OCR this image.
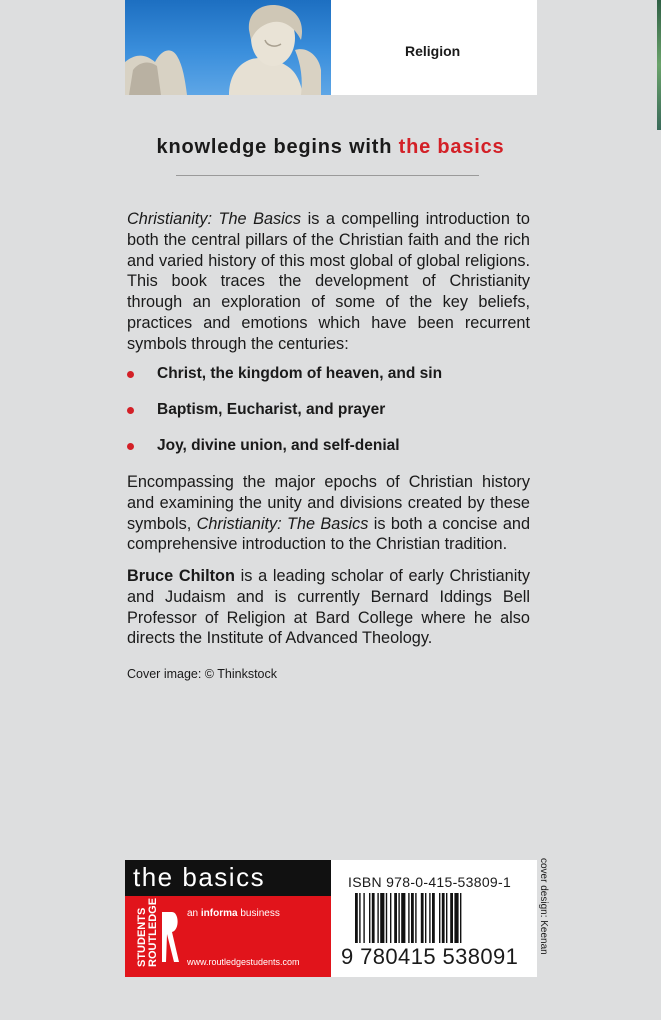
Religion
knowledge begins with the basics
Christianity: The Basics is a compelling introduction to both the central pillars of the Christian faith and the rich and varied history of this most global of global religions. This book traces the development of Christianity through an exploration of some of the key beliefs, practices and emotions which have been recurrent symbols through the centuries:
Christ, the kingdom of heaven, and sin
Baptism, Eucharist, and prayer
Joy, divine union, and self-denial
Encompassing the major epochs of Christian history and examining the unity and divisions created by these symbols, Christianity: The Basics is both a concise and comprehensive introduction to the Christian tradition.
Bruce Chilton is a leading scholar of early Christianity and Judaism and is currently Bernard Iddings Bell Professor of Religion at Bard College where he also directs the Institute of Advanced Theology.
Cover image: © Thinkstock
the basics
STUDENTS ROUTLEDGE	an informa business
www.routledgestudents.com
ISBN 978-0-415-53809-1
9 780415 538091
cover design: Keenan
